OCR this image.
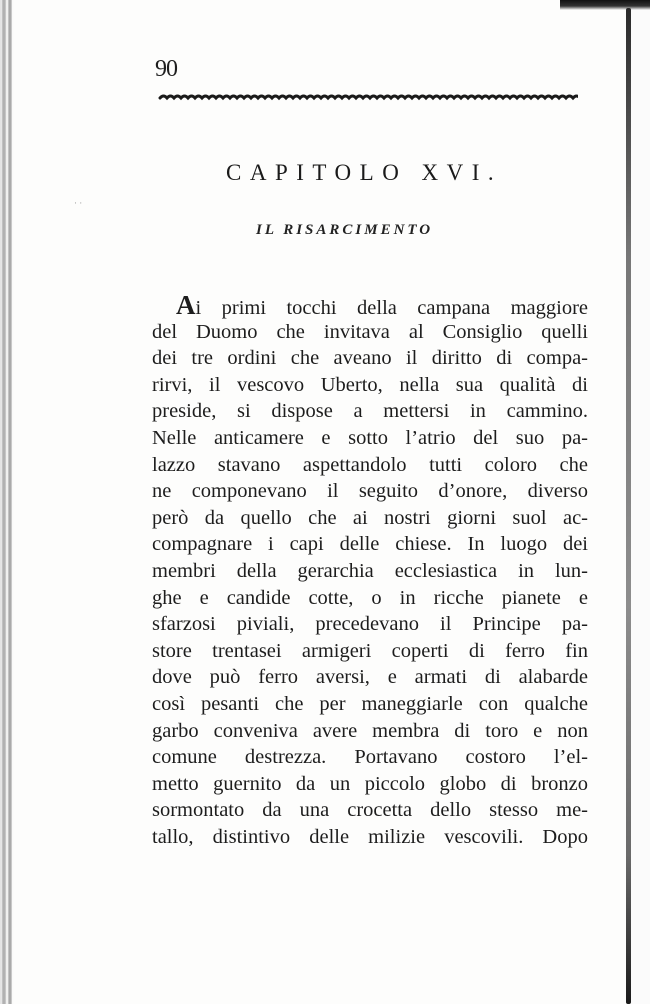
· ·
90
CAPITOLO XVI.
IL RISARCIMENTO
Ai primi tocchi della campana maggiore
del Duomo che invitava al Consiglio quelli
dei tre ordini che aveano il diritto di compa-
rirvi, il vescovo Uberto, nella sua qualità di
preside, si dispose a mettersi in cammino.
Nelle anticamere e sotto l’atrio del suo pa-
lazzo stavano aspettandolo tutti coloro che
ne componevano il seguito d’onore, diverso
però da quello che ai nostri giorni suol ac-
compagnare i capi delle chiese. In luogo dei
membri della gerarchia ecclesiastica in lun-
ghe e candide cotte, o in ricche pianete e
sfarzosi piviali, precedevano il Principe pa-
store trentasei armigeri coperti di ferro fin
dove può ferro aversi, e armati di alabarde
così pesanti che per maneggiarle con qualche
garbo conveniva avere membra di toro e non
comune destrezza. Portavano costoro l’el-
metto guernito da un piccolo globo di bronzo
sormontato da una crocetta dello stesso me-
tallo, distintivo delle milizie vescovili. Dopo
